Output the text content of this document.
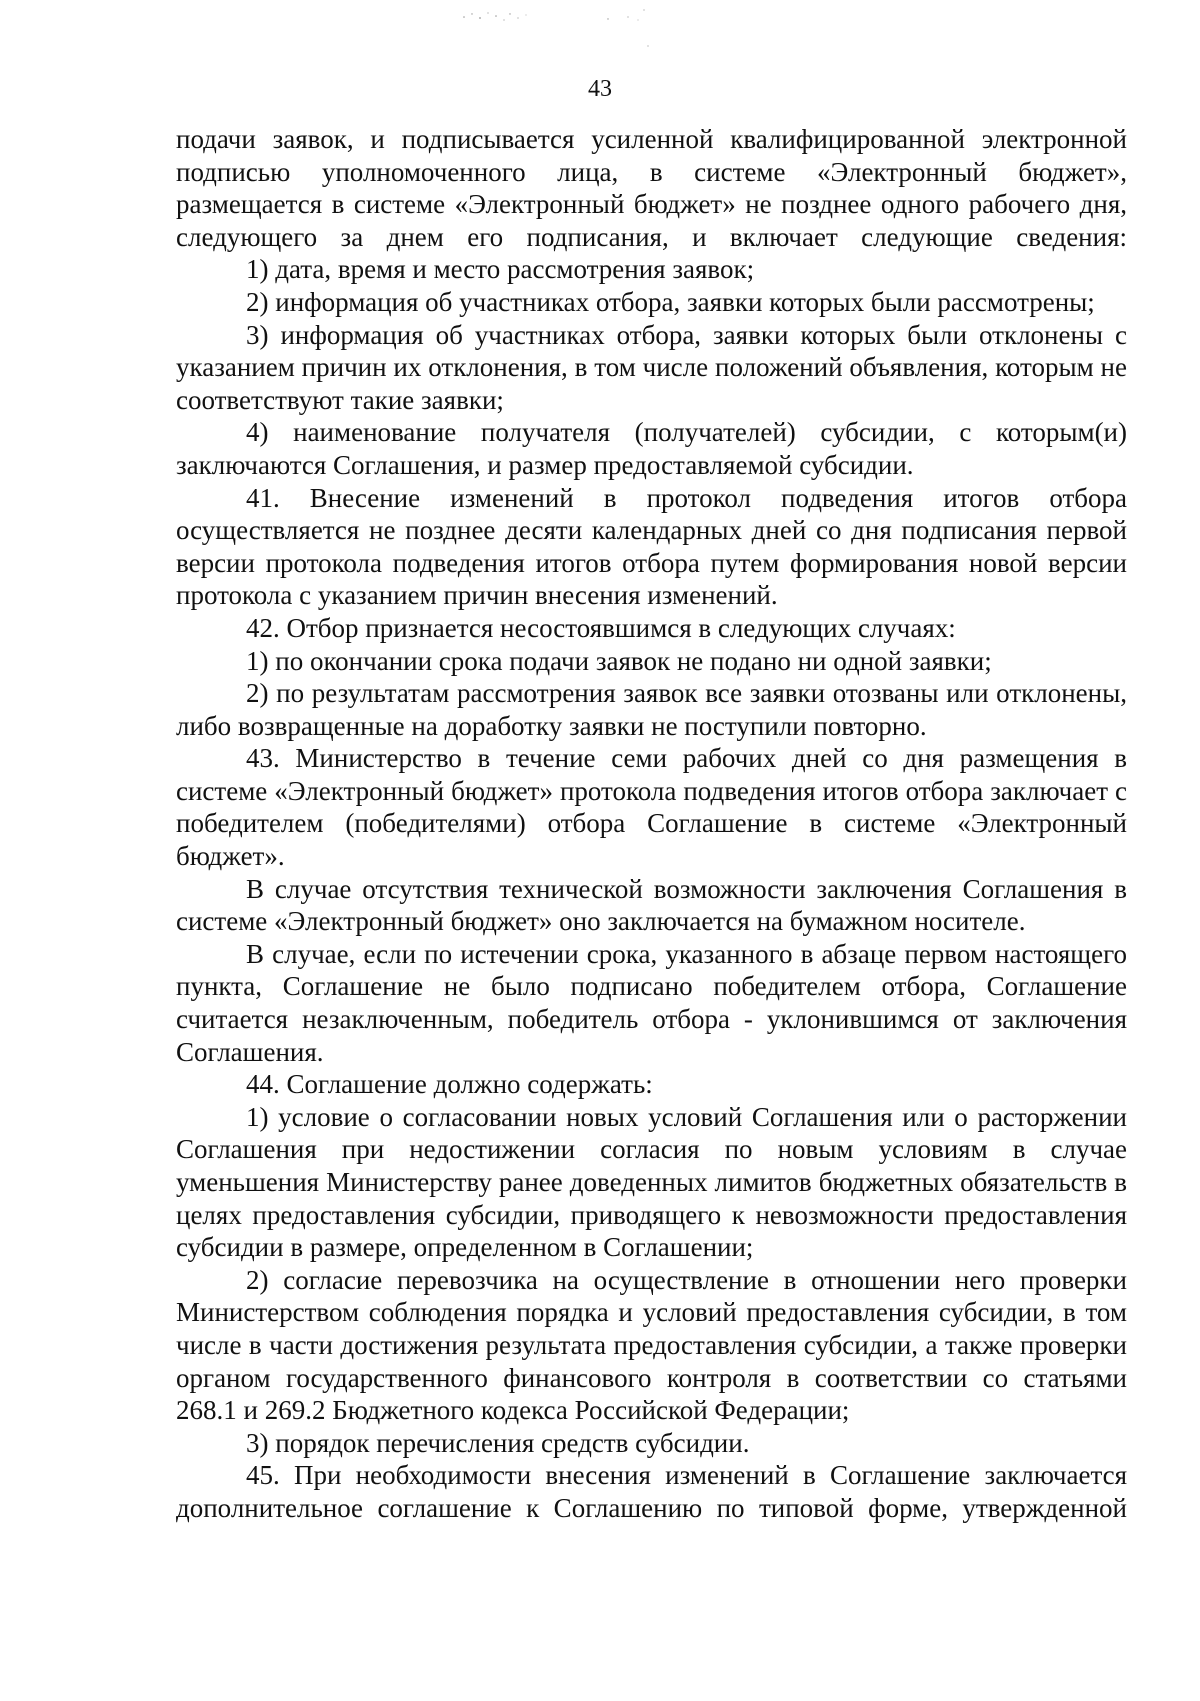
43

подачи заявок, и подписывается усиленной квалифицированной электронной подписью уполномоченного лица, в системе «Электронный бюджет», размещается в системе «Электронный бюджет» не позднее одного рабочего дня, следующего за днем его подписания, и включает следующие сведения:

1) дата, время и место рассмотрения заявок;

2) информация об участниках отбора, заявки которых были рассмотрены;

3) информация об участниках отбора, заявки которых были отклонены с указанием причин их отклонения, в том числе положений объявления, которым не соответствуют такие заявки;

4) наименование получателя (получателей) субсидии, с которым(и) заключаются Соглашения, и размер предоставляемой субсидии.

41. Внесение изменений в протокол подведения итогов отбора осуществляется не позднее десяти календарных дней со дня подписания первой версии протокола подведения итогов отбора путем формирования новой версии протокола с указанием причин внесения изменений.

42. Отбор признается несостоявшимся в следующих случаях:

1) по окончании срока подачи заявок не подано ни одной заявки;

2) по результатам рассмотрения заявок все заявки отозваны или отклонены, либо возвращенные на доработку заявки не поступили повторно.

43. Министерство в течение семи рабочих дней со дня размещения в системе «Электронный бюджет» протокола подведения итогов отбора заключает с победителем (победителями) отбора Соглашение в системе «Электронный бюджет».

В случае отсутствия технической возможности заключения Соглашения в системе «Электронный бюджет» оно заключается на бумажном носителе.

В случае, если по истечении срока, указанного в абзаце первом настоящего пункта, Соглашение не было подписано победителем отбора, Соглашение считается незаключенным, победитель отбора - уклонившимся от заключения Соглашения.

44. Соглашение должно содержать:

1) условие о согласовании новых условий Соглашения или о расторжении Соглашения при недостижении согласия по новым условиям в случае уменьшения Министерству ранее доведенных лимитов бюджетных обязательств в целях предоставления субсидии, приводящего к невозможности предоставления субсидии в размере, определенном в Соглашении;

2) согласие перевозчика на осуществление в отношении него проверки Министерством соблюдения порядка и условий предоставления субсидии, в том числе в части достижения результата предоставления субсидии, а также проверки органом государственного финансового контроля в соответствии со статьями 268.1 и 269.2 Бюджетного кодекса Российской Федерации;

3) порядок перечисления средств субсидии.

45. При необходимости внесения изменений в Соглашение заключается дополнительное соглашение к Соглашению по типовой форме, утвержденной
